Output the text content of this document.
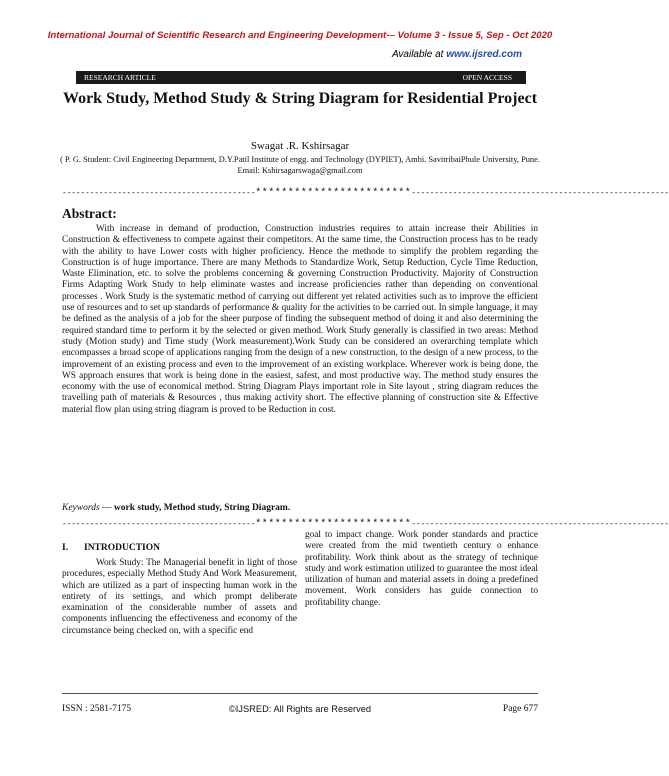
International Journal of Scientific Research and Engineering Development-– Volume 3 - Issue 5, Sep - Oct 2020
Available at www.ijsred.com
RESEARCH ARTICLE	OPEN ACCESS
Work Study, Method Study & String Diagram for Residential Project
Swagat .R. Kshirsagar
( P. G. Student: Civil Engineering Department, D.Y.Patil Institute of engg. and Technology (DYPIET), Ambi. SavitribaiPhule University, Pune.
Email: Kshirsagarswaga@gmail.com
------------------------------------------************************--------------------------------------------------------
Abstract:

With increase in demand of production, Construction industries requires to attain increase their Abilities in Construction & effectiveness to compete against their competitors. At the same time, the Construction process has to be ready with the ability to have Lower costs with higher proficiency. Hence the methode to simplify the problem regarding the Construction is of huge importance. There are many Methods to Standardize Work, Setup Reduction, Cycle Time Reduction, Waste Elimination, etc. to solve the problems concerning & governing Construction Productivity. Majority of Construction Firms Adapting Work Study to help eliminate wastes and increase proficiencies rather than depending on conventional processes . Work Study is the systematic method of carrying out different yet related activities such as to improve the efficient use of resources and to set up standards of performance & quality for the activities to be carried out. In simple language, it may be defined as the analysis of a job for the sheer purpose of finding the subsequent method of doing it and also determining the required standard time to perform it by the selected or given method. Work Study generally is classified in two areas: Method study (Motion study) and Time study (Work measurement).Work Study can be considered an overarching template which encompasses a broad scope of applications ranging from the design of a new construction, to the design of a new process, to the improvement of an existing process and even to the improvement of an existing workplace. Wherever work is being done, the WS approach ensures that work is being done in the easiest, safest, and most productive way. The method study ensures the economy with the use of economical method. String Diagram Plays important role in Site layout , string diagram reduces the travelling path of materials & Resources , thus making activity short. The effective planning of construction site & Effective material flow plan using string diagram is proved to be Reduction in cost.

Keywords — work study, Method study, String Diagram.
------------------------------------------************************--------------------------------------------------------
I. INTRODUCTION

Work Study: The Managerial benefit in light of those procedures, especially Method Study And Work Measurement, which are utilized as a part of inspecting human work in the entirety of its settings, and which prompt deliberate examination of the considerable number of assets and components influencing the effectiveness and economy of the circumstance being checked on, with a specific end

goal to impact change. Work ponder standards and practice were created from the mid twentieth century o enhance profitability. Work think about as the strategy of technique study and work estimation utilized to guarantee the most ideal utilization of human and material assets in doing a predefined movement. Work considers has guide connection to profitability change.

©IJSRED: All Rights are Reserved
ISSN : 2581-7175	Page 677
